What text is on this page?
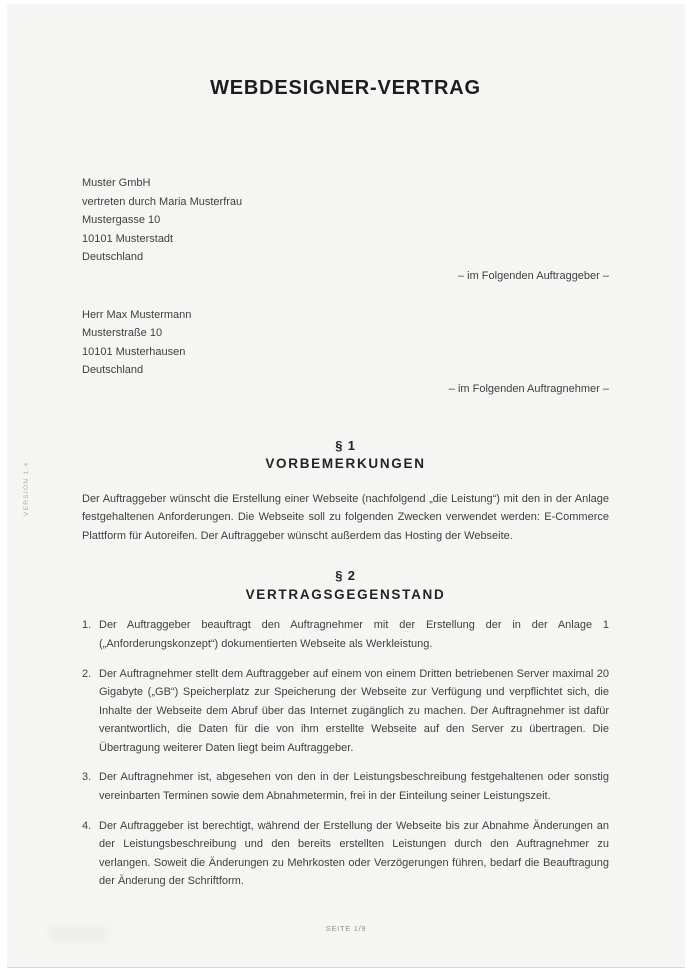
VERSION 1.4
WEBDESIGNER-VERTRAG
Muster GmbH
vertreten durch Maria Musterfrau
Mustergasse 10
10101 Musterstadt
Deutschland
– im Folgenden Auftraggeber –
Herr Max Mustermann
Musterstraße 10
10101 Musterhausen
Deutschland
– im Folgenden Auftragnehmer –
§ 1
VORBEMERKUNGEN
Der Auftraggeber wünscht die Erstellung einer Webseite (nachfolgend „die Leistung“) mit den in der Anlage festgehaltenen Anforderungen. Die Webseite soll zu folgenden Zwecken verwendet werden: E-Commerce Plattform für Autoreifen. Der Auftraggeber wünscht außerdem das Hosting der Webseite.
§ 2
VERTRAGSGEGENSTAND
1. Der Auftraggeber beauftragt den Auftragnehmer mit der Erstellung der in der Anlage 1 („Anforderungskonzept“) dokumentierten Webseite als Werkleistung.
2. Der Auftragnehmer stellt dem Auftraggeber auf einem von einem Dritten betriebenen Server maximal 20 Gigabyte („GB“) Speicherplatz zur Speicherung der Webseite zur Verfügung und verpflichtet sich, die Inhalte der Webseite dem Abruf über das Internet zugänglich zu machen. Der Auftragnehmer ist dafür verantwortlich, die Daten für die von ihm erstellte Webseite auf den Server zu übertragen. Die Übertragung weiterer Daten liegt beim Auftraggeber.
3. Der Auftragnehmer ist, abgesehen von den in der Leistungsbeschreibung festgehaltenen oder sonstig vereinbarten Terminen sowie dem Abnahmetermin, frei in der Einteilung seiner Leistungszeit.
4. Der Auftraggeber ist berechtigt, während der Erstellung der Webseite bis zur Abnahme Änderungen an der Leistungsbeschreibung und den bereits erstellten Leistungen durch den Auftragnehmer zu verlangen. Soweit die Änderungen zu Mehrkosten oder Verzögerungen führen, bedarf die Beauftragung der Änderung der Schriftform.
SEITE 1/9
